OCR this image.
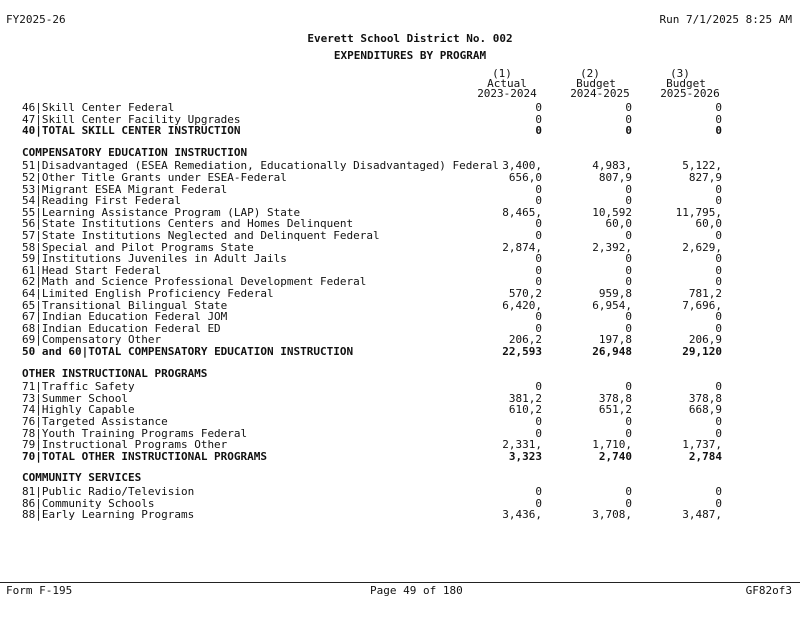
FY2025-26	Run 7/1/2025 8:25 AM
Everett School District No. 002
EXPENDITURES BY PROGRAM
(1)
Actual
2023-2024
(2)
Budget
2024-2025
(3)
Budget
2025-2026
46|Skill Center Federal	0	0	0
47|Skill Center Facility Upgrades	0	0	0
40|TOTAL SKILL CENTER INSTRUCTION	0	0	0
COMPENSATORY EDUCATION INSTRUCTION
51|Disadvantaged (ESEA Remediation, Educationally Disadvantaged) Federal 3,400,	4,983,	5,122,
52|Other Title Grants under ESEA-Federal	656,0	807,9	827,9
53|Migrant ESEA Migrant Federal	0	0	0
54|Reading First Federal	0	0	0
55|Learning Assistance Program (LAP) State	8,465,	10,592	11,795,
56|State Institutions Centers and Homes Delinquent	0	60,0	60,0
57|State Institutions Neglected and Delinquent Federal	0	0	0
58|Special and Pilot Programs State	2,874,	2,392,	2,629,
59|Institutions Juveniles in Adult Jails	0	0	0
61|Head Start Federal	0	0	0
62|Math and Science Professional Development Federal	0	0	0
64|Limited English Proficiency Federal	570,2	959,8	781,2
65|Transitional Bilingual State	6,420,	6,954,	7,696,
67|Indian Education Federal JOM	0	0	0
68|Indian Education Federal ED	0	0	0
69|Compensatory Other	206,2	197,8	206,9
50 and 60|TOTAL COMPENSATORY EDUCATION INSTRUCTION	22,593	26,948	29,120
OTHER INSTRUCTIONAL PROGRAMS
71|Traffic Safety	0	0	0
73|Summer School	381,2	378,8	378,8
74|Highly Capable	610,2	651,2	668,9
76|Targeted Assistance	0	0	0
78|Youth Training Programs Federal	0	0	0
79|Instructional Programs Other	2,331,	1,710,	1,737,
70|TOTAL OTHER INSTRUCTIONAL PROGRAMS	3,323	2,740	2,784
COMMUNITY SERVICES
81|Public Radio/Television	0	0	0
86|Community Schools	0	0	0
88|Early Learning Programs	3,436,	3,708,	3,487,
Form F-195	Page 49 of 180	GF82of3
